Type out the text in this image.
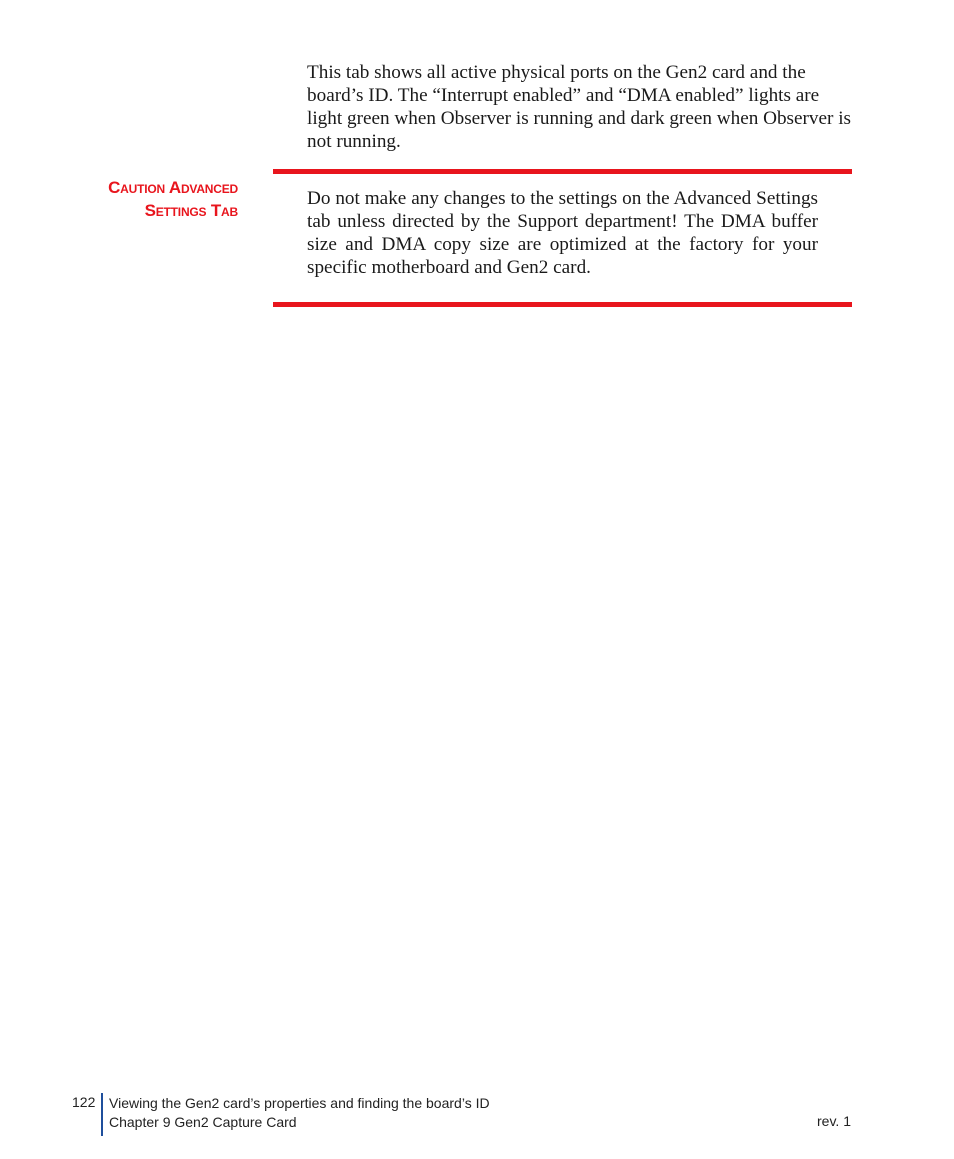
This tab shows all active physical ports on the Gen2 card and the board’s ID. The “Interrupt enabled” and “DMA enabled” lights are light green when Observer is running and dark green when Observer is not running.

Caution Advanced
Settings Tab

Do not make any changes to the settings on the Advanced Settings tab unless directed by the Support department! The DMA buffer size and DMA copy size are optimized at the factory for your specific motherboard and Gen2 card.

122 Viewing the Gen2 card’s properties and finding the board’s ID
Chapter 9 Gen2 Capture Card	rev. 1
